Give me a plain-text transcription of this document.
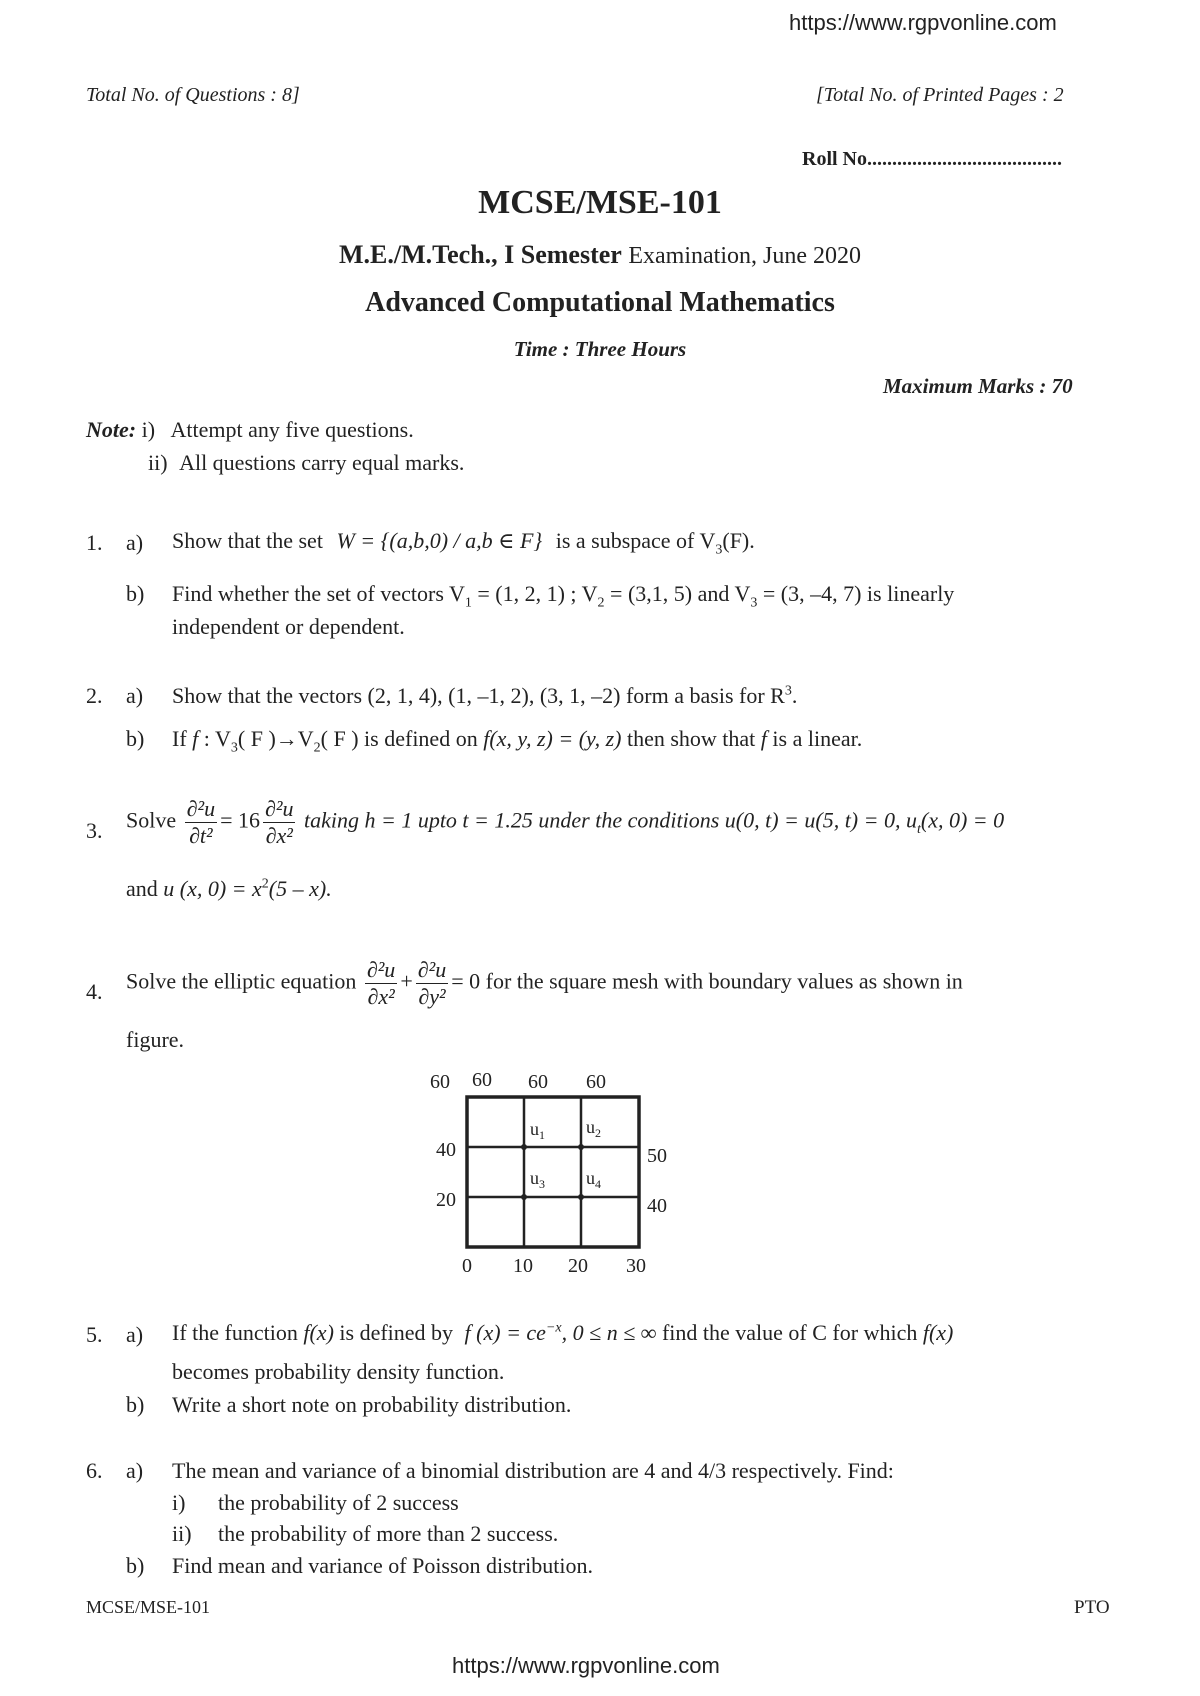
https://www.rgpvonline.com
Total No. of Questions : 8]	[Total No. of Printed Pages : 2
Roll No.......................................
MCSE/MSE-101
M.E./M.Tech., I Semester Examination, June 2020
Advanced Computational Mathematics
Time : Three Hours
Maximum Marks : 70
Note: i) Attempt any five questions.
ii) All questions carry equal marks.
1. a) Show that the set W = {(a,b,0) / a,b ∈ F} is a subspace of $V_3(F)$.
b) Find whether the set of vectors $V_1 = (1$, 2, 1) ; $V_2 = (3,1$, 5) and $V_3 = (3$, –4, 7) is linearly
independent or dependent.
2. a) Show that the vectors (2, 1, 4), (1, –1, 2), (3, 1, –2) form a basis for $R^3$.
b) If f : $V_3$( F )$\to V_2$( F ) is defined on f(x, y, z) = (y, z) then show that f is a linear.
3. Solve $\frac{\text{∂²u}}{\text{∂t²}} = 16 \frac{\text{∂²u}}{\text{∂x²}}$ taking h = 1 upto t = 1.25 under the conditions u(0, t) = u(5, t) = 0, $u_t(x$, 0) = 0
and u (x, $0) = x^2(5 - x)$.
4. Solve the elliptic equation $\frac{\text{∂²u}}{\text{∂x²}} + \frac{\text{∂²u}}{\text{∂y²}} = 0$ for the square mesh with boundary values as shown in
figure.
60 60 60 60
40
20
50
40
0 10 20 30
$u_1$ $u_2$
$u_3$ $u_4$
5. a) If the function f(x) is defined by f $(x) = ce^{-x}$, 0 ≤ n ≤ ∞ find the value of C for which f(x)
becomes probability density function.
b) Write a short note on probability distribution.
6. a) The mean and variance of a binomial distribution are 4 and 4/3 respectively. Find:
i) the probability of 2 success
ii) the probability of more than 2 success.
b) Find mean and variance of Poisson distribution.
MCSE/MSE-101	PTO
https://www.rgpvonline.com
